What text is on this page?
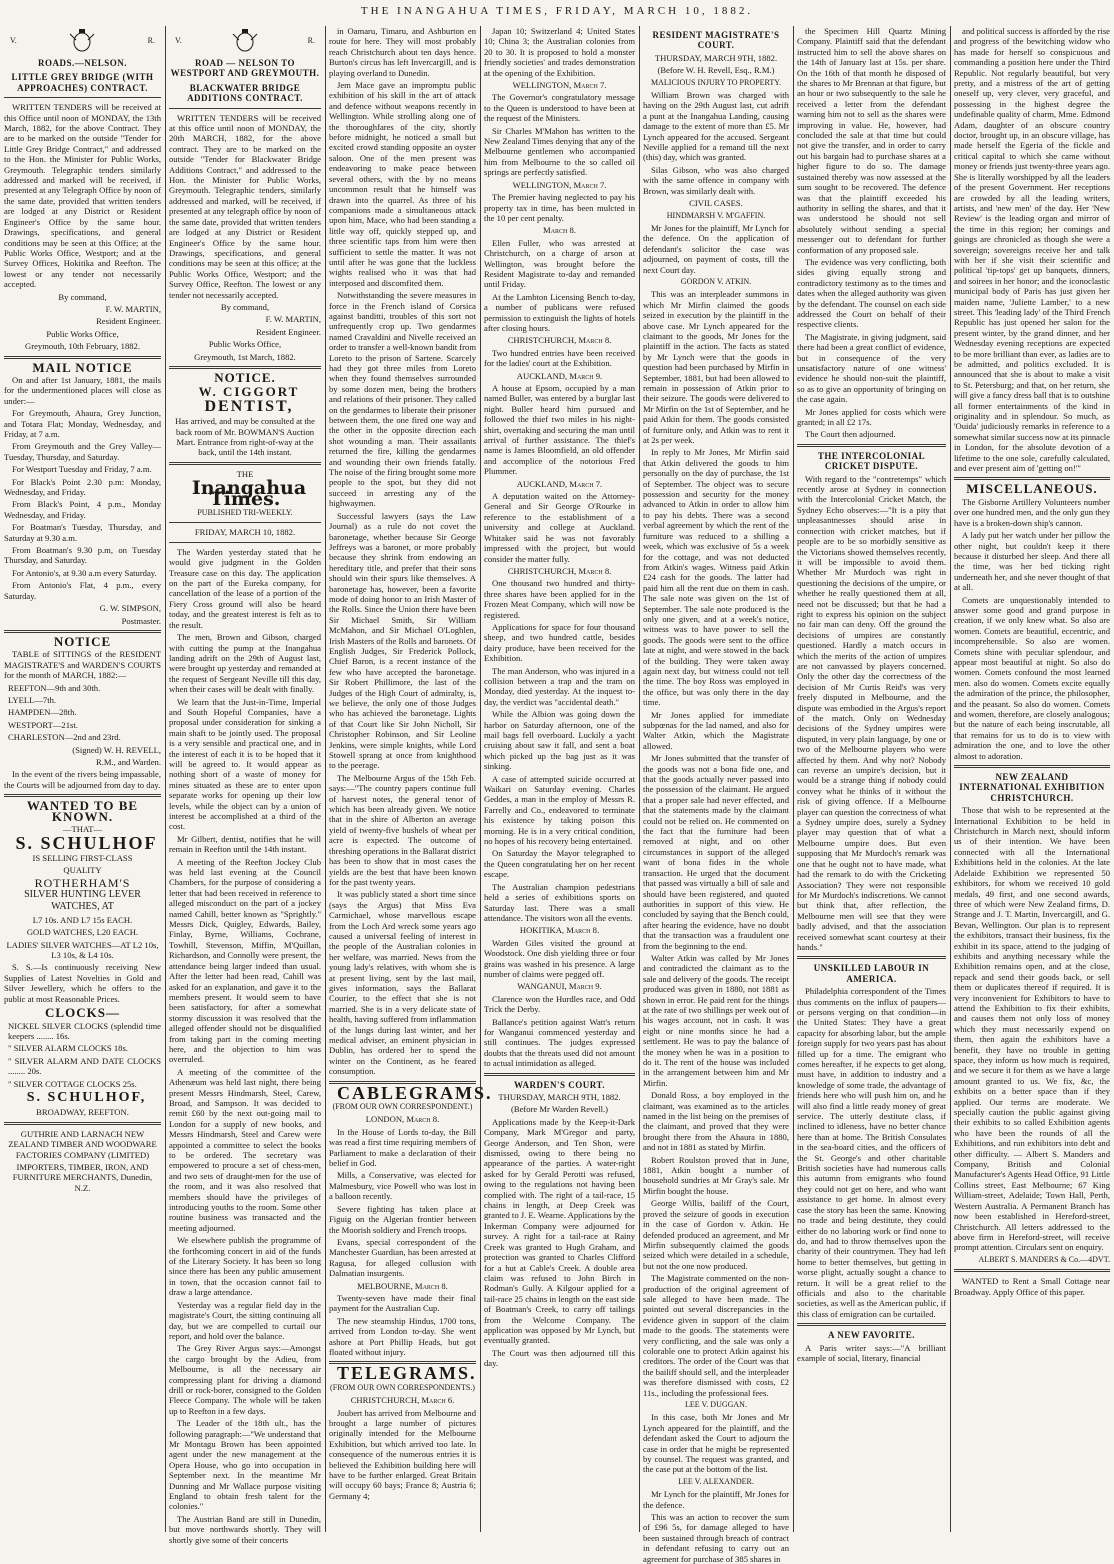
THE INANGAHUA TIMES, FRIDAY, MARCH 10, 1882.
V.	R.

ROADS.—NELSON.

LITTLE GREY BRIDGE (WITH APPROACHES) CONTRACT.

WRITTEN TENDERS will be received at this Office until noon of MONDAY, the 13th March, 1882, for the above Contract. They are to be marked on the outside "Tender for Little Grey Bridge Contract," and addressed to the Hon. the Minister for Public Works, Greymouth. Telegraphic tenders similarly addressed and marked will be received, if presented at any Telegraph Office by noon of the same date, provided that written tenders are lodged at any District or Resident Engineer's Office by the same hour. Drawings, specifications, and general conditions may be seen at this Office; at the Public Works Office, Westport; and at the Survey Offices, Hokitika and Reefton. The lowest or any tender not necessarily accepted.

By command,

F. W. MARTIN,

Resident Engineer.

Public Works Office,

Greymouth, 10th February, 1882.

MAIL NOTICE

On and after 1st January, 1881, the mails for the undermentioned places will close as under:—

For Greymouth, Ahaura, Grey Junction, and Totara Flat; Monday, Wednesday, and Friday, at 7 a.m.

From Greymouth and the Grey Valley—Tuesday, Thursday, and Saturday.

For Westport Tuesday and Friday, 7 a.m.

For Black's Point 2.30 p.m: Monday, Wednesday, and Friday.

From Black's Point, 4 p.m., Monday Wednesday, and Friday.

For Boatman's Tuesday, Thursday, and Saturday at 9.30 a.m.

From Boatman's 9.30 p.m, on Tuesday Thursday, and Saturday.

For Antonio's, at 9.30 a.m every Saturday.

From Antonio's Flat, 4 p.m., every Saturday.

G. W. SIMPSON,

Postmaster.

NOTICE

TABLE of SITTINGS of the RESIDENT MAGISTRATE'S and WARDEN'S COURTS for the month of MARCH, 1882:—

REEFTON—9th and 30th.

LYELL—7th.

HAMPDEN—28th.

WESTPORT—21st.

CHARLESTON—2nd and 23rd.

(Signed) W. H. REVELL,

R.M., and Warden.

In the event of the rivers being impassable, the Courts will be adjourned from day to day.

WANTED TO BE KNOWN.

—THAT—

S. SCHULHOF

IS SELLING FIRST-CLASS

QUALITY

ROTHERHAM'S

SILVER HUNTING LEVER

WATCHES, AT

L7 10s. AND L7 15s EACH.

GOLD WATCHES, L20 EACH.

LADIES' SILVER WATCHES—AT L2 10s, L3 10s, & L4 10s.

S. S.—Is continuously receiving New Supplies of Latest Novelties in Gold and Silver Jewellery, which he offers to the public at most Reasonable Prices.

CLOCKS—

NICKEL SILVER CLOCKS (splendid time keepers ........ 16s.

" SILVER ALARM CLOCKS 18s.

" SILVER ALARM AND DATE CLOCKS ........ 20s.

" SILVER COTTAGE CLOCKS 25s.

S. SCHULHOF,

BROADWAY, REEFTON.

GUTHRIE AND LARNACH NEW ZEALAND TIMBER AND WOODWARE FACTORIES COMPANY (LIMITED)

IMPORTERS, TIMBER, IRON, AND FURNITURE MERCHANTS, Dunedin, N.Z.

V.	R.

ROAD — NELSON TO WESTPORT AND GREYMOUTH.

BLACKWATER BRIDGE ADDITIONS CONTRACT.

WRITTEN TENDERS will be received at this office until noon of MONDAY, the 20th MARCH, 1882, for the above contract. They are to be marked on the outside "Tender for Blackwater Bridge Additions Contract," and addressed to the Hon. the Minister for Public Works, Greymouth. Telegraphic tenders, similarly addressed and marked, will be received, if presented at any telegraph office by noon of the same date, provided that written tenders are lodged at any District or Resident Engineer's Office by the same hour. Drawings, specifications, and general conditions may be seen at this office; at the Public Works Office, Westport; and the Survey Office, Reefton. The lowest or any tender not necessarily accepted.

By command,

F. W. MARTIN,

Resident Engineer.

Public Works Office,

Greymouth, 1st March, 1882.

NOTICE.

W. CIGGORT

DENTIST,

Has arrived, and may be consulted at the back room of Mr. BOWMAN'S Auction Mart. Entrance from right-of-way at the back, until the 14th instant.

THE

Inangahua Times.

PUBLISHED TRI-WEEKLY.

FRIDAY, MARCH 10, 1882.

The Warden yesterday stated that he would give judgment in the Golden Treasure case on this day. The application on the part of the Eureka company, for cancellation of the lease of a portion of the Fiery Cross ground will also be heard today, and the greatest interest is felt as to the result.

The men, Brown and Gibson, charged with cutting the pump at the Inangahua landing adrift on the 29th of August last, were brought up yesterday and remanded at the request of Sergeant Neville till this day, when their cases will be dealt with finally.

We learn that the Just-in-Time, Imperial and South Hopeful Companies, have a proposal under consideration for sinking a main shaft to be jointly used. The proposal is a very sensible and practical one, and in the interest of each it is to be hoped that it will be agreed to. It would appear as nothing short of a waste of money for mines situated as these are to enter upon separate works for opening up their low levels, while the object can by a union of interest be accomplished at a third of the cost.

Mr Gilbert, dentist, notifies that he will remain in Reefton until the 14th instant.

A meeting of the Reefton Jockey Club was held last evening at the Council Chambers, for the purpose of considering a letter that had been received in reference to alleged misconduct on the part of a jockey named Cahill, better known as "Sprightly." Messrs Dick, Quigley, Edwards, Bailey, Finlay, Byrne, Williams, Cochrane, Towhill, Stevenson, Miffin, M'Quillan, Richardson, and Connolly were present, the attendance being larger indeed than usual. After the letter had been read, Cahill was asked for an explanation, and gave it to the members present. It would seem to have been satisfactory, for after a somewhat stormy discussion it was resolved that the alleged offender should not be disqualified from taking part in the coming meeting here, and the objection to him was overruled.

A meeting of the committee of the Athenæum was held last night, there being present Messrs Hindmarsh, Steel, Carew, Broad, and Sampson. It was decided to remit £60 by the next out-going mail to London for a supply of new books, and Messrs Hindmarsh, Steel and Carew were appointed a committee to select the books to be ordered. The secretary was empowered to procure a set of chess-men, and two sets of draught-men for the use of the room, and it was also resolved that members should have the privileges of introducing youths to the room. Some other routine business was transacted and the meeting adjourned.

We elsewhere publish the programme of the forthcoming concert in aid of the funds of the Literary Society. It has been so long since there has been any public amusement in town, that the occasion cannot fail to draw a large attendance.

Yesterday was a regular field day in the magistrate's Court, the sitting continuing all day, but we are compelled to curtail our report, and hold over the balance.

The Grey River Argus says:—Amongst the cargo brought by the Adieu, from Melbourne, is all the necessary air compressing plant for driving a diamond drill or rock-borer, consigned to the Golden Fleece Company. The whole will be taken up to Reefton in a few days.

The Leader of the 18th ult., has the following paragraph:—"We understand that Mr Montagu Brown has been appointed agent under the new management at the Opera House, who go into occupation in September next. In the meantime Mr Dunning and Mr Wallace purpose visiting England to obtain fresh talent for the colonies."

The Austrian Band are still in Dunedin, but move northwards shortly. They will shortly give some of their concerts

in Oamaru, Timaru, and Ashburton en route for here. They will most probably reach Christchurch about ten days hence. Burton's circus has left Invercargill, and is playing overland to Dunedin.

Jem Mace gave an impromptu public exhibition of his skill in the art of attack and defence without weapons recently in Wellington. While strolling along one of the thoroughfares of the city, shortly before midnight, he noticed a small but excited crowd standing opposite an oyster saloon. One of the men present was endeavoring to make peace between several others, with the by no means uncommon result that he himself was drawn into the quarrel. As three of his companions made a simultaneous attack upon him, Mace, who had been standing a little way off, quickly stepped up, and three scientific taps from him were then sufficient to settle the matter. It was not until after he was gone that the luckless wights realised who it was that had interposed and discomfited them.

Notwithstanding the severe measures in force in the French island of Corsica against banditti, troubles of this sort not unfrequently crop up. Two gendarmes named Cravaldini and Nivelle received an order to transfer a well-known bandit from Loreto to the prison of Sartene. Scarcely had they got three miles from Loreto when they found themselves surrounded by some dozen men, being the brothers and relations of their prisoner. They called on the gendarmes to liberate their prisoner between them, the one fired one way and the other in the opposite direction each shot wounding a man. Their assailants returned the fire, killing the gendarmes and wounding their own friends fatally. The noise of the firing brought some more people to the spot, but they did not succeed in arresting any of the highwaymen.

Successful lawyers (says the Law Journal) as a rule do not covet the baronetage, whether because Sir George Jeffreys was a baronet, or more probably because they shrink from endowing an hereditary title, and prefer that their sons should win their spurs like themselves. A baronetage has, however, been a favorite mode of doing honor to an Irish Master of the Rolls. Since the Union there have been Sir Michael Smith, Sir William McMahon, and Sir Michael O'Loghlen, Irish Masters of the Rolls and baronets. Of English Judges, Sir Frederick Pollock, Chief Baron, is a recent instance of the few who have accepted the baronetage. Sir Robert Phillimore, the last of the Judges of the High Court of admiralty, is, we believe, the only one of those Judges who has achieved the baronetage. Lights of that Court like Sir John Nicholl, Sir Christopher Robinson, and Sir Leoline Jenkins, were simple knights, while Lord Stowell sprang at once from knighthood to the peerage.

The Melbourne Argus of the 15th Feb. says:—"The country papers continue full of harvest notes, the general tenor of which has been already given. We notice that in the shire of Alberton an average yield of twenty-five bushels of wheat per acre is expected. The outcome of threshing operations in the Ballarat district has been to show that in most cases the yields are the best that have been known for the past twenty years.

It was publicly stated a short time since (says the Argus) that Miss Eva Carmichael, whose marvellous escape from the Loch Ard wreck some years ago caused a universal feeling of interest in the people of the Australian colonies in her welfare, was married. News from the young lady's relatives, with whom she is at present living, sent by the last mail, gives information, says the Ballarat Courier, to the effect that she is not married. She is in a very delicate state of health, having suffered from inflammation of the lungs during last winter, and her medical adviser, an eminent physician in Dublin, has ordered her to spend the winter on the Continent, as he feared consumption.

CABLEGRAMS.

(FROM OUR OWN CORRESPONDENT.)

LONDON, March 8.

In the House of Lords to-day, the Bill was read a first time requiring members of Parliament to make a declaration of their belief in God.

Mills, a Conservative, was elected for Malmesbury, vice Powell who was lost in a balloon recently.

Severe fighting has taken place at Figuig on the Algerian frontier between the Moorish soldiery and French troops.

Evans, special correspondent of the Manchester Guardian, has been arrested at Ragusa, for alleged collusion with Dalmatian insurgents.

MELBOURNE, March 8.

Twenty-seven have made their final payment for the Australian Cup.

The new steamship Hindus, 1700 tons, arrived from London to-day. She went ashore at Port Phillip Heads, but got floated without injury.

TELEGRAMS.

(FROM OUR OWN CORRESPONDENTS.)

CHRISTCHURCH, March 6.

Joubert has arrived from Melbourne and brought a large number of pictures originally intended for the Melbourne Exhibition, but which arrived too late. In consequence of the numerous entries it is believed the Exhibition building here will have to be further enlarged. Great Britain will occupy 60 bays; France 8; Austria 6; Germany 4;

Japan 10; Switzerland 4; United States 10; China 3; the Australian colonies from 20 to 30. It is proposed to hold a monster friendly societies' and trades demonstration at the opening of the Exhibition.

WELLINGTON, March 7.

The Governor's congratulatory message to the Queen is understood to have been at the request of the Ministers.

Sir Charles M'Mahon has written to the New Zealand Times denying that any of the Melbourne gentlemen who accompanied him from Melbourne to the so called oil springs are perfectly satisfied.

WELLINGTON, March 7.

The Premier having neglected to pay his property tax in time, has been mulcted in the 10 per cent penalty.

March 8.

Ellen Fuller, who was arrested at Christchurch, on a charge of arson at Wellington, was brought before the Resident Magistrate to-day and remanded until Friday.

At the Lambton Licensing Bench to-day, a number of publicans were refused permission to extinguish the lights of hotels after closing hours.

CHRISTCHURCH, March 8.

Two hundred entries have been received for the ladies' court at the Exhibition.

AUCKLAND, March 9.

A house at Epsom, occupied by a man named Buller, was entered by a burglar last night. Buller heard him pursued and followed the thief two miles in his night-shirt, overtaking and securing the man until arrival of further assistance. The thief's name is James Bloomfield, an old offender and accomplice of the notorious Fred Plummer.

AUCKLAND, March 7.

A deputation waited on the Attorney-General and Sir George O'Rourke in reference to the establishment of a university and college at Auckland. Whitaker said he was not favorably impressed with the project, but would consider the matter fully.

CHRISTCHURCH, March 8.

One thousand two hundred and thirty-three shares have been applied for in the Frozen Meat Company, which will now be registered.

Applications for space for four thousand sheep, and two hundred cattle, besides dairy produce, have been received for the Exhibition.

The man Anderson, who was injured in a collision between a trap and the tram on Monday, died yesterday. At the inquest to-day, the verdict was "accidental death."

While the Albion was going down the harbor on Saturday afternoon, one of the mail bags fell overboard. Luckily a yacht cruising about saw it fall, and sent a boat which picked up the bag just as it was sinking.

A case of attempted suicide occurred at Waikari on Saturday evening. Charles Geddes, a man in the employ of Messrs R. Farrelly and Co., endeavored to terminate his existence by taking poison this morning. He is in a very critical condition, no hopes of his recovery being entertained.

On Saturday the Mayor telegraphed to the Queen congratulating her on her recent escape.

The Australian champion pedestrians held a series of exhibitions sports on Saturday last. There was a small attendance. The visitors won all the events.

HOKITIKA, March 8.

Warden Giles visited the ground at Woodstock. One dish yielding three or four grains was washed in his presence. A large number of claims were pegged off.

WANGANUI, March 9.

Clarence won the Hurdles race, and Odd Trick the Derby.

Ballance's petition against Watt's return for Wanganui commenced yesterday and still continues. The judges expressed doubts that the threats used did not amount to actual intimidation as alleged.

WARDEN'S COURT.

THURSDAY, MARCH 9TH, 1882.

(Before Mr Warden Revell.)

Applications made by the Keep-it-Dark Company, Mark M'Gregor and party, George Anderson, and Ten Shon, were dismissed, owing to there being no appearance of the parties. A water-right asked for by Gerald Perotti was refused, owing to the regulations not having been complied with. The right of a tail-race, 15 chains in length, at Deep Creek was granted to J. E. Wearne. Applications by the Inkerman Company were adjourned for survey. A right for a tail-race at Rainy Creek was granted to Hugh Graham, and protection was granted to Charles Clifford for a hut at Cable's Creek. A double area claim was refused to John Birch in Rodman's Gully. A Kilgour applied for a tail-race 25 chains in length on the east side of Boatman's Creek, to carry off tailings from the Welcome Company. The application was opposed by Mr Lynch, but eventually granted.

The Court was then adjourned till this day.

RESIDENT MAGISTRATE'S COURT.

THURSDAY, MARCH 9TH, 1882.

(Before W. H. Revell, Esq., R.M.)

MALICIOUS INJURY TO PROPERTY.

William Brown was charged with having on the 29th August last, cut adrift a punt at the Inangahua Landing, causing damage to the extent of more than £5. Mr Lynch appeared for the accused. Sergeant Neville applied for a remand till the next (this) day, which was granted.

Silas Gibson, who was also charged with the same offence in company with Brown, was similarly dealt with.

CIVIL CASES.

HINDMARSH V. M'GAFFIN.

Mr Jones for the plaintiff, Mr Lynch for the defence. On the application of defendant's solicitor the case was adjourned, on payment of costs, till the next Court day.

GORDON V. ATKIN.

This was an interpleader summons in which Mr Mirfin claimed the goods seized in execution by the plaintiff in the above case. Mr Lynch appeared for the claimant to the goods, Mr Jones for the plaintiff in the action. The facts as stated by Mr Lynch were that the goods in question had been purchased by Mirfin in September, 1881, but had been allowed to remain in possession of Atkin prior to their seizure. The goods were delivered to Mr Mirfin on the 1st of September, and he paid Atkin for them. The goods consisted of furniture only, and Atkin was to rent it at 2s per week.

In reply to Mr Jones, Mr Mirfin said that Atkin delivered the goods to him personally on the day of purchase, the 1st of September. The object was to secure possession and security for the money advanced to Atkin in order to allow him to pay his debts. There was a second verbal agreement by which the rent of the furniture was reduced to a shilling a week, which was exclusive of 5s a week for the cottage, and was not deducted from Atkin's wages. Witness paid Atkin £24 cash for the goods. The latter had paid him all the rent due on them in cash. The sale note was given on the 1st of September. The sale note produced is the only one given, and at a week's notice, witness was to have power to sell the goods. The goods were sent to the office late at night, and were stowed in the back of the building. They were taken away again next day, but witness could not tell the time. The boy Ross was employed in the office, but was only there in the day time.

Mr Jones applied for immediate subpœnas for the lad named, and also for Walter Atkin, which the Magistrate allowed.

Mr Jones submitted that the transfer of the goods was not a bona fide one, and that the goods actually never passed into the possession of the claimant. He argued that a proper sale had never effected, and that the statements made by the claimant could not be relied on. He commented on the fact that the furniture had been removed at night, and on other circumstances in support of the alleged want of bona fides in the whole transaction. He urged that the document that passed was virtually a bill of sale and should have been registered, and quoted authorities in support of this view. He concluded by saying that the Bench could, after hearing the evidence, have no doubt that the transaction was a fraudulent one from the beginning to the end.

Walter Atkin was called by Mr Jones and contradicted the claimant as to the sale and delivery of the goods. The receipt produced was given in 1880, not 1881 as shown in error. He paid rent for the things at the rate of two shillings per week out of his wages account, not in cash. It was eight or nine months since he had a settlement. He was to pay the balance of the money when he was in a position to do it. The rent of the house was included in the arrangement between him and Mr Mirfin.

Donald Ross, a boy employed in the claimant, was examined as to the articles named in the list being on the premises of the claimant, and proved that they were brought there from the Ahaura in 1880, and not in 1881 as stated by Mirfin.

Robert Roulston proved that in June, 1881, Atkin bought a number of household sundries at Mr Gray's sale. Mr Mirfin bought the house.

George Willis, bailiff of the Court, proved the seizure of goods in execution in the case of Gordon v. Atkin. He defended produced an agreement, and Mr Mirfin subsequently claimed the goods seized which were detailed in a schedule, but not the one now produced.

The Magistrate commented on the non-production of the original agreement of sale alleged to have been made. The pointed out several discrepancies in the evidence given in support of the claim made to the goods. The statements were very conflicting, and the sale was only a colorable one to protect Atkin against his creditors. The order of the Court was that the bailiff should sell, and the interpleader was therefore dismissed with costs, £2 11s., including the professional fees.

LEE V. DUGGAN.

In this case, both Mr Jones and Mr Lynch appeared for the plaintiff, and the defendant asked the Court to adjourn the case in order that he might be represented by counsel. The request was granted, and the case put at the bottom of the list.

LEE V. ALEXANDER.

Mr Lynch for the plaintiff, Mr Jones for the defence.

This was an action to recover the sum of £96 5s, for damage alleged to have been sustained through breach of contract in defendant refusing to carry out an agreement for purchase of 385 shares in

the Specimen Hill Quartz Mining Company. Plaintiff said that the defendant instructed him to sell the above shares on the 14th of January last at 15s. per share. On the 16th of that month he disposed of the shares to Mr Brennan at that figure, but an hour or two subsequently to the sale he received a letter from the defendant warning him not to sell as the shares were improving in value. He, however, had concluded the sale at that time but could not give the transfer, and in order to carry out his bargain had to purchase shares at a higher figure to do so. The damage sustained thereby was now assessed at the sum sought to be recovered. The defence was that the plaintiff exceeded his authority in selling the shares, and that it was understood he should not sell absolutely without sending a special messenger out to defendant for further conformation of any proposed sale.

The evidence was very conflicting, both sides giving equally strong and contradictory testimony as to the times and dates when the alleged authority was given by the defendant. The counsel on each side addressed the Court on behalf of their respective clients.

The Magistrate, in giving judgment, said there had been a great conflict of evidence, but in consequence of the very unsatisfactory nature of one witness' evidence he should non-suit the plaintiff, so as to give an opportunity of bringing on the case again.

Mr Jones applied for costs which were granted; in all £2 17s.

The Court then adjourned.

THE INTERCOLONIAL CRICKET DISPUTE.

With regard to the "contretemps" which recently arose at Sydney in connection with the Intercolonial Cricket Match, the Sydney Echo observes:—"It is a pity that unpleasantnesses should arise in connection with cricket matches, but if people are to be so morbidly sensitive as the Victorians showed themselves recently, it will be impossible to avoid them. Whether Mr Murdoch was right in questioning the decisions of the umpire, or whether he really questioned them at all, need not be discussed; but that he had a right to express his opinion on the subject no fair man can deny. Off the ground the decisions of umpires are constantly questioned. Hardly a match occurs in which the merits of the action of umpires are not canvassed by players concerned. Only the other day the correctness of the decision of Mr Curtis Reid's was very freely disputed in Melbourne, and the dispute was embodied in the Argus's report of the match. Only on Wednesday decisions of the Sydney umpires were disputed, in very plain language, by one or two of the Melbourne players who were affected by them. And why not? Nobody can reverse an umpire's decision, but it would be a strange thing if nobody could convey what he thinks of it without the risk of giving offence. If a Melbourne player can question the correctness of what a Sydney umpire does, surely a Sydney player may question that of what a Melbourne umpire does. But even supposing that Mr Murdoch's remark was one that he ought not to have made, what had the remark to do with the Cricketing Association? They were not responsible for Mr Murdoch's indiscretions. We cannot but think that, after reflection, the Melbourne men will see that they were badly advised, and that the association received somewhat scant courtesy at their hands."

UNSKILLED LABOUR IN AMERICA.

Philadelphia correspondent of the Times thus comments on the influx of paupers—or persons verging on that condition—in the United States: They have a great capacity for absorbing labor, but the ample foreign supply for two years past has about filled up for a time. The emigrant who comes hereafter, if he expects to get along, must have, in addition to industry and a knowledge of some trade, the advantage of friends here who will push him on, and he will also find a little ready money of great service. The utterly destitute class, if inclined to idleness, have no better chance here than at home. The British Consulates in the sea-board cities, and the officers of the St. George's and other charitable British societies have had numerous calls this autumn from emigrants who found they could not get on here, and who want assistance to get home. In almost every case the story has been the same. Knowing no trade and being destitute, they could either do no laboring work or find none to do, and had to throw themselves upon the charity of their countrymen. They had left home to better themselves, but getting in worse plight, actually sought a chance to return. It will be a great relief to the officials and also to the charitable societies, as well as the American public, if this class of emigration can be curtailed.

A NEW FAVORITE.

A Paris writer says:—"A brilliant example of social, literary, financial

and political success is afforded by the rise and progress of the bewitching widow who has made for herself so conspicuous and commanding a position here under the Third Republic. Not regularly beautiful, but very pretty, and a mistress of the art of getting oneself up, very clever, very graceful, and possessing in the highest degree the undefinable quality of charm, Mme. Edmond Adam, daughter of an obscure country doctor, brought up, in an obscure village, has made herself the Egeria of the fickle and critical capital to which she came without money or friends just twenty-three years ago. She is literally worshipped by all the leaders of the present Government. Her receptions are crowded by all the leading writers, artists, and 'new men' of the day. Her 'New Review' is the leading organ and mirror of the time in this region; her comings and goings are chronicled as though she were a sovereign; sovereigns receive her and talk with her if she visit their scientific and political 'tip-tops' get up banquets, dinners, and soirees in her honor; and the iconoclastic municipal body of Paris has just given her maiden name, 'Juliette Lamber,' to a new street. This 'leading lady' of the Third French Republic has just opened her salon for the present winter, by the grand dinner, and her Wednesday evening receptions are expected to be more brilliant than ever, as ladies are to be admitted, and politics excluded. It is announced that she is about to make a visit to St. Petersburg; and that, on her return, she will give a fancy dress ball that is to outshine all former entertainments of the kind in originality and in splendour. So much, as 'Ouida' judiciously remarks in reference to a somewhat similar success now at its pinnacle in London, for the absolute devotion of a lifetime to the one sole, carefully calculated, and ever present aim of 'getting on!'"

MISCELLANEOUS.

The Gisborne Artillery Volunteers number over one hundred men, and the only gun they have is a broken-down ship's cannon.

A lady put her watch under her pillow the other night, but couldn't keep it there because it disturbed her sleep. And there all the time, was her bed ticking right underneath her, and she never thought of that at all.

Comets are unquestionably intended to answer some good and grand purpose in creation, if we only knew what. So also are women. Comets are beautiful, eccentric, and incomprehensible. So also are women. Comets shine with peculiar splendour, and appear most beautiful at night. So also do women. Comets confound the most learned men. also do women. Comets excite equally the admiration of the prince, the philosopher, and the peasant. So also do women. Comets and women, therefore, are closely analogous; but the nature of each being inscrutable, all that remains for us to do is to view with admiration the one, and to love the other almost to adoration.

NEW ZEALAND INTERNATIONAL EXHIBITION CHRISTCHURCH.

Those that wish to be represented at the International Exhibition to be held in Christchurch in March next, should inform us of their intention. We have been connected with all the International Exhibitions held in the colonies. At the late Adelaide Exhibition we represented 50 exhibitors, for whom we received 10 gold medals, 49 first, and one second awards, three of which were New Zealand firms, D. Strange and J. T. Martin, Invercargill, and G. Bevan, Wellington. Our plan is to represent the exhibitors, transact their business, fix the exhibit in its space, attend to the judging of exhibits and anything necessary while the Exhibition remains open, and at the close, repack and send their goods back, or sell them or duplicates thereof if required. It is very inconvenient for Exhibitors to have to attend the Exhibition to fix their exhibits, and causes them not only loss of money which they must necessarily expend on them, then again the exhibitors have a benefit, they have no trouble in getting space, they inform us how much is required, and we secure it for them as we have a large amount granted to us. We fix, &c, the exhibits on a better space than if they applied. Our terms are moderate. We specially caution the public against giving their exhibits to so called Exhibition agents who have been the rounds of all the Exhibitions, and run exhibitors into debt and other difficulty. — Albert S. Manders and Company, British and Colonial Manufacturer's Agents Head Office, 91 Little Collins street, East Melbourne; 67 King William-street, Adelaide; Town Hall, Perth, Western Australia. A Permanent Branch has now been established in Hereford-street, Christchurch. All letters addressed to the above firm in Hereford-street, will receive prompt attention. Circulars sent on enquiry.

ALBERT S. MANDERS & Co.—4DVT.

WANTED to Rent a Small Cottage near Broadway. Apply Office of this paper.
